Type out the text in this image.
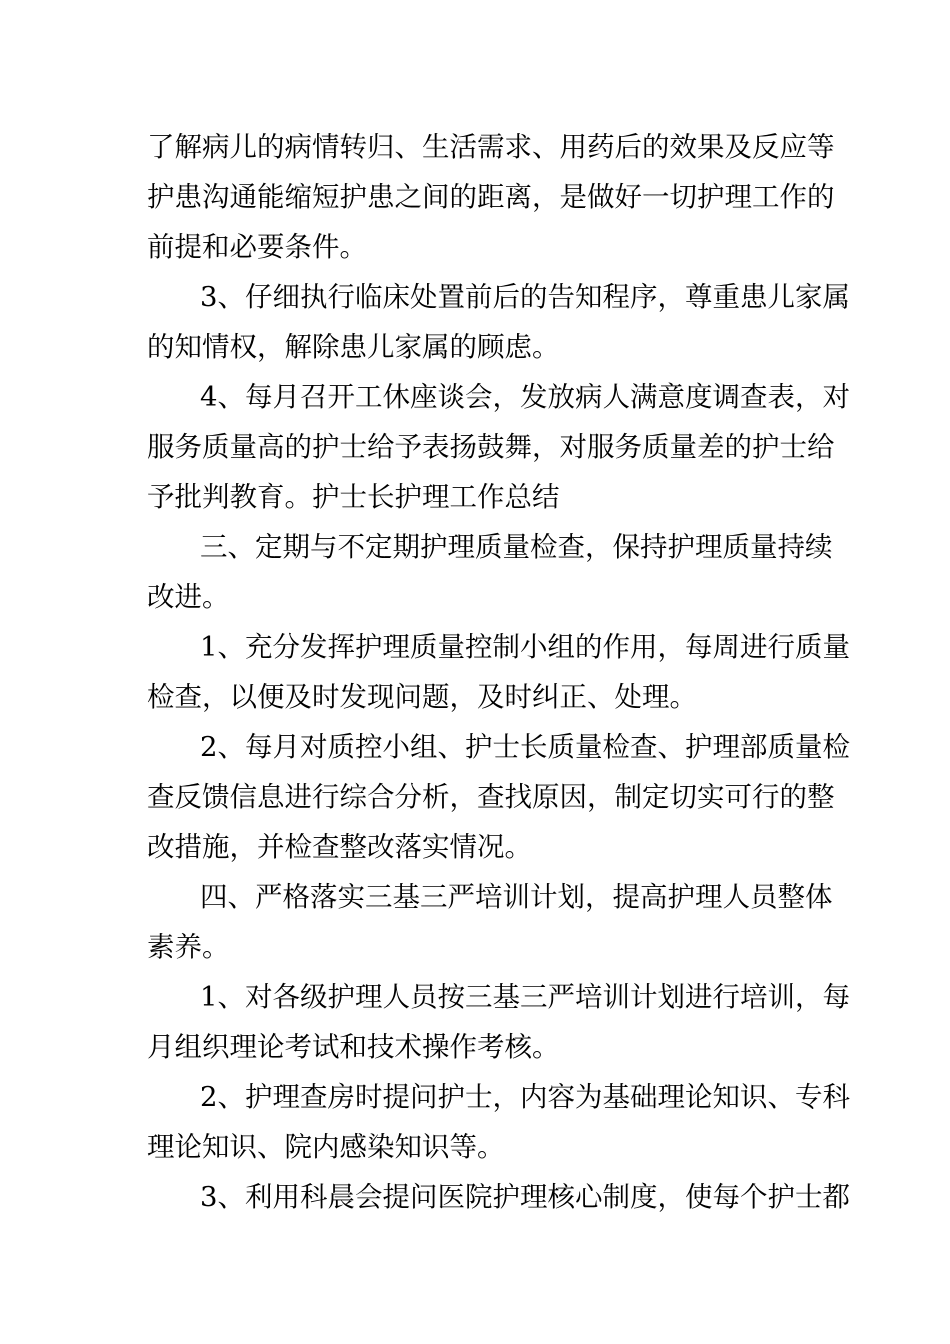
了解病儿的病情转归、生活需求、用药后的效果及反应等
护患沟通能缩短护患之间的距离，是做好一切护理工作的
前提和必要条件。
3、仔细执行临床处置前后的告知程序，尊重患儿家属
的知情权，解除患儿家属的顾虑。
4、每月召开工休座谈会，发放病人满意度调查表，对
服务质量高的护士给予表扬鼓舞，对服务质量差的护士给
予批判教育。护士长护理工作总结
三、定期与不定期护理质量检查，保持护理质量持续
改进。
1、充分发挥护理质量控制小组的作用，每周进行质量
检查，以便及时发现问题，及时纠正、处理。
2、每月对质控小组、护士长质量检查、护理部质量检
查反馈信息进行综合分析，查找原因，制定切实可行的整
改措施，并检查整改落实情况。
四、严格落实三基三严培训计划，提高护理人员整体
素养。
1、对各级护理人员按三基三严培训计划进行培训，每
月组织理论考试和技术操作考核。
2、护理查房时提问护士，内容为基础理论知识、专科
理论知识、院内感染知识等。
3、利用科晨会提问医院护理核心制度，使每个护士都
